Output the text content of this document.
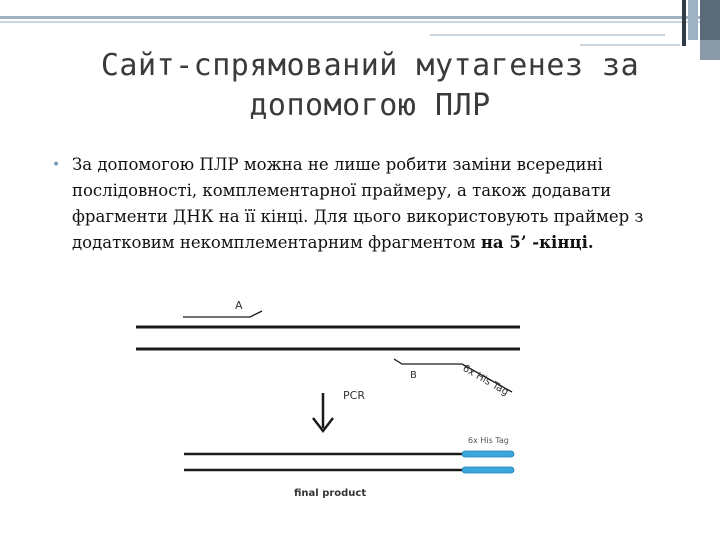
Сайт-спрямований мутагенез за
допомогою ПЛР
• За допомогою ПЛР можна не лише робити заміни всередині послідовності, комплементарної праймеру, а також додавати фрагменти ДНК на її кінці. Для цього використовують праймер з додатковим некомплементарним фрагментом на 5’ -кінці.
A
B	6x His Tag
PCR
6x His Tag
final product
